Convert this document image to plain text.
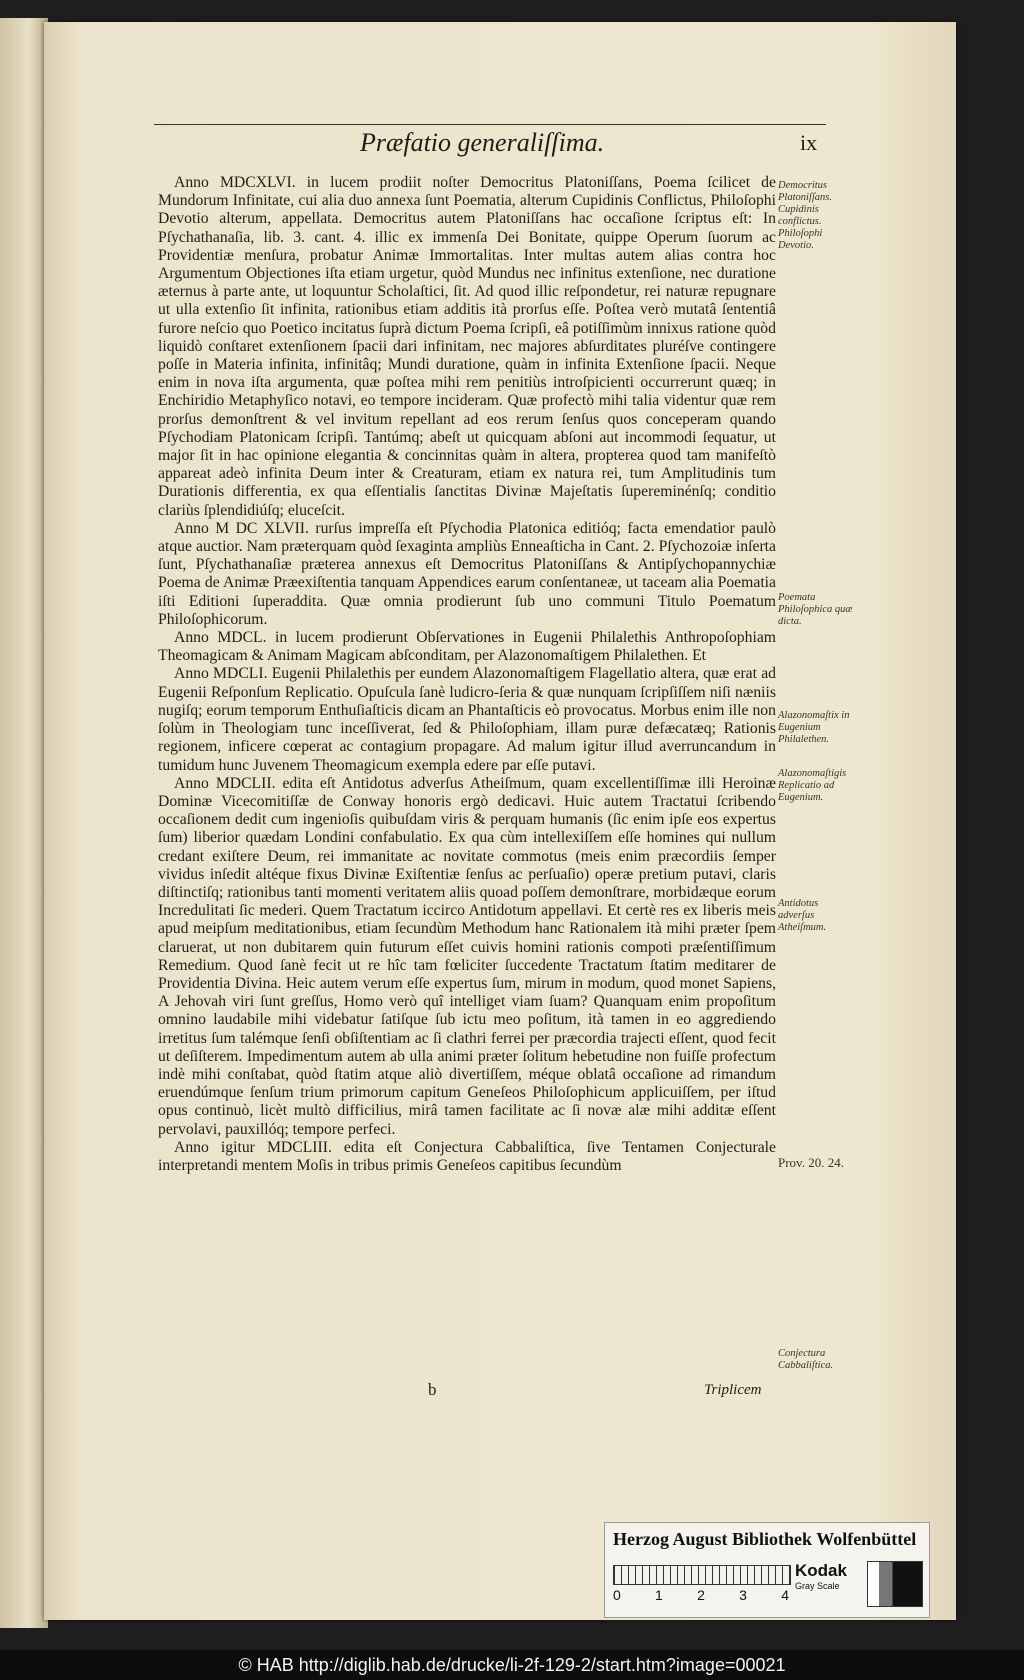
Præfatio generaliſſima.	ix

Anno MDCXLVI. in lucem prodiit noſter Democritus Platoniſſans, Poema ſcilicet de Mundorum Infinitate, cui alia duo annexa ſunt Poematia, alterum Cupidinis Conflictus, Philoſophi Devotio alterum, appellata. Democritus autem Platoniſſans hac occaſione ſcriptus eſt: In Pſychathanaſia, lib. 3. cant. 4. illic ex immenſa Dei Bonitate, quippe Operum ſuorum ac Providentiæ menſura, probatur Animæ Immortalitas. Inter multas autem alias contra hoc Argumentum Objectiones iſta etiam urgetur, quòd Mundus nec infinitus extenſione, nec duratione æternus à parte ante, ut loquuntur Scholaſtici, ſit. Ad quod illic reſpondetur, rei naturæ repugnare ut ulla extenſio ſit infinita, rationibus etiam additis ità prorſus eſſe. Poſtea verò mutatâ ſententiâ furore neſcio quo Poetico incitatus ſuprà dictum Poema ſcripſi, eâ potiſſimùm innixus ratione quòd liquidò conſtaret extenſionem ſpacii dari infinitam, nec majores abſurditates pluréſve contingere poſſe in Materia infinita, infinitâq; Mundi duratione, quàm in infinita Extenſione ſpacii. Neque enim in nova iſta argumenta, quæ poſtea mihi rem penitiùs introſpicienti occurrerunt quæq; in Enchiridio Metaphyſico notavi, eo tempore incideram. Quæ profectò mihi talia videntur quæ rem prorſus demonſtrent & vel invitum repellant ad eos rerum ſenſus quos conceperam quando Pſychodiam Platonicam ſcripſi. Tantúmq; abeſt ut quicquam abſoni aut incommodi ſequatur, ut major ſit in hac opinione elegantia & concinnitas quàm in altera, propterea quod tam manifeſtò appareat adeò infinita Deum inter & Creaturam, etiam ex natura rei, tum Amplitudinis tum Durationis differentia, ex qua eſſentialis ſanctitas Divinæ Majeſtatis ſupereminénſq; conditio clariùs ſplendidiúſq; eluceſcit.

Anno M DC XLVII. rurſus impreſſa eſt Pſychodia Platonica editióq; facta emendatior paulò atque auctior. Nam præterquam quòd ſexaginta ampliùs Enneaſticha in Cant. 2. Pſychozoiæ inſerta ſunt, Pſychathanaſiæ præterea annexus eſt Democritus Platoniſſans & Antipſychopannychiæ Poema de Animæ Præexiſtentia tanquam Appendices earum conſentaneæ, ut taceam alia Poematia iſti Editioni ſuperaddita. Quæ omnia prodierunt ſub uno communi Titulo Poematum Philoſophicorum.

Anno MDCL. in lucem prodierunt Obſervationes in Eugenii Philalethis Anthropoſophiam Theomagicam & Animam Magicam abſconditam, per Alazonomaſtigem Philalethen. Et

Anno MDCLI. Eugenii Philalethis per eundem Alazonomaſtigem Flagellatio altera, quæ erat ad Eugenii Reſponſum Replicatio. Opuſcula ſanè ludicro-ſeria & quæ nunquam ſcripſiſſem niſi næniis nugiſq; eorum temporum Enthuſiaſticis dicam an Phantaſticis eò provocatus. Morbus enim ille non ſolùm in Theologiam tunc inceſſiverat, ſed & Philoſophiam, illam puræ defæcatæq; Rationis regionem, inficere cœperat ac contagium propagare. Ad malum igitur illud averruncandum in tumidum hunc Juvenem Theomagicum exempla edere par eſſe putavi.

Anno MDCLII. edita eſt Antidotus adverſus Atheiſmum, quam excellentiſſimæ illi Heroinæ Dominæ Vicecomitiſſæ de Conway honoris ergò dedicavi. Huic autem Tractatui ſcribendo occaſionem dedit cum ingenioſis quibuſdam viris & perquam humanis (ſic enim ipſe eos expertus ſum) liberior quædam Londini confabulatio. Ex qua cùm intellexiſſem eſſe homines qui nullum credant exiſtere Deum, rei immanitate ac novitate commotus (meis enim præcordiis ſemper vividus inſedit altéque fixus Divinæ Exiſtentiæ ſenſus ac perſuaſio) operæ pretium putavi, claris diſtinctiſq; rationibus tanti momenti veritatem aliis quoad poſſem demonſtrare, morbidæque eorum Incredulitati ſic mederi. Quem Tractatum iccirco Antidotum appellavi. Et certè res ex liberis meis apud meipſum meditationibus, etiam ſecundùm Methodum hanc Rationalem ità mihi præter ſpem claruerat, ut non dubitarem quin futurum eſſet cuivis homini rationis compoti præſentiſſimum Remedium. Quod ſanè fecit ut re hîc tam fœliciter ſuccedente Tractatum ſtatim meditarer de Providentia Divina. Heic autem verum eſſe expertus ſum, mirum in modum, quod monet Sapiens, A Jehovah viri ſunt greſſus, Homo verò quî intelliget viam ſuam? Quanquam enim propoſitum omnino laudabile mihi videbatur ſatiſque ſub ictu meo poſitum, ità tamen in eo aggrediendo irretitus ſum talémque ſenſi obſiſtentiam ac ſi clathri ferrei per præcordia trajecti eſſent, quod fecit ut deſiſterem. Impedimentum autem ab ulla animi præter ſolitum hebetudine non fuiſſe profectum indè mihi conſtabat, quòd ſtatim atque aliò divertiſſem, méque oblatâ occaſione ad rimandum eruendúmque ſenſum trium primorum capitum Geneſeos Philoſophicum applicuiſſem, per iſtud opus continuò, licèt multò difficilius, mirâ tamen facilitate ac ſi novæ alæ mihi additæ eſſent pervolavi, pauxillóq; tempore perfeci.

Anno igitur MDCLIII. edita eſt Conjectura Cabbaliſtica, ſive Tentamen Conjecturale interpretandi mentem Moſis in tribus primis Geneſeos capitibus ſecundùm

Democritus Platoniſſans. Cupidinis conflictus. Philoſophi Devotio.
Poemata Philoſophica quæ dicta.
Alazonomaſtix in Eugenium Philalethen.
Alazonomaſtigis Replicatio ad Eugenium.
Antidotus adverſus Atheiſmum.
Prov. 20. 24.
Conjectura Cabbaliſtica.
b	Triplicem
Herzog August Bibliothek Wolfenbüttel
0 1 2 3 4
Kodak
Gray Scale
© HAB http://diglib.hab.de/drucke/li-2f-129-2/start.htm?image=00021
